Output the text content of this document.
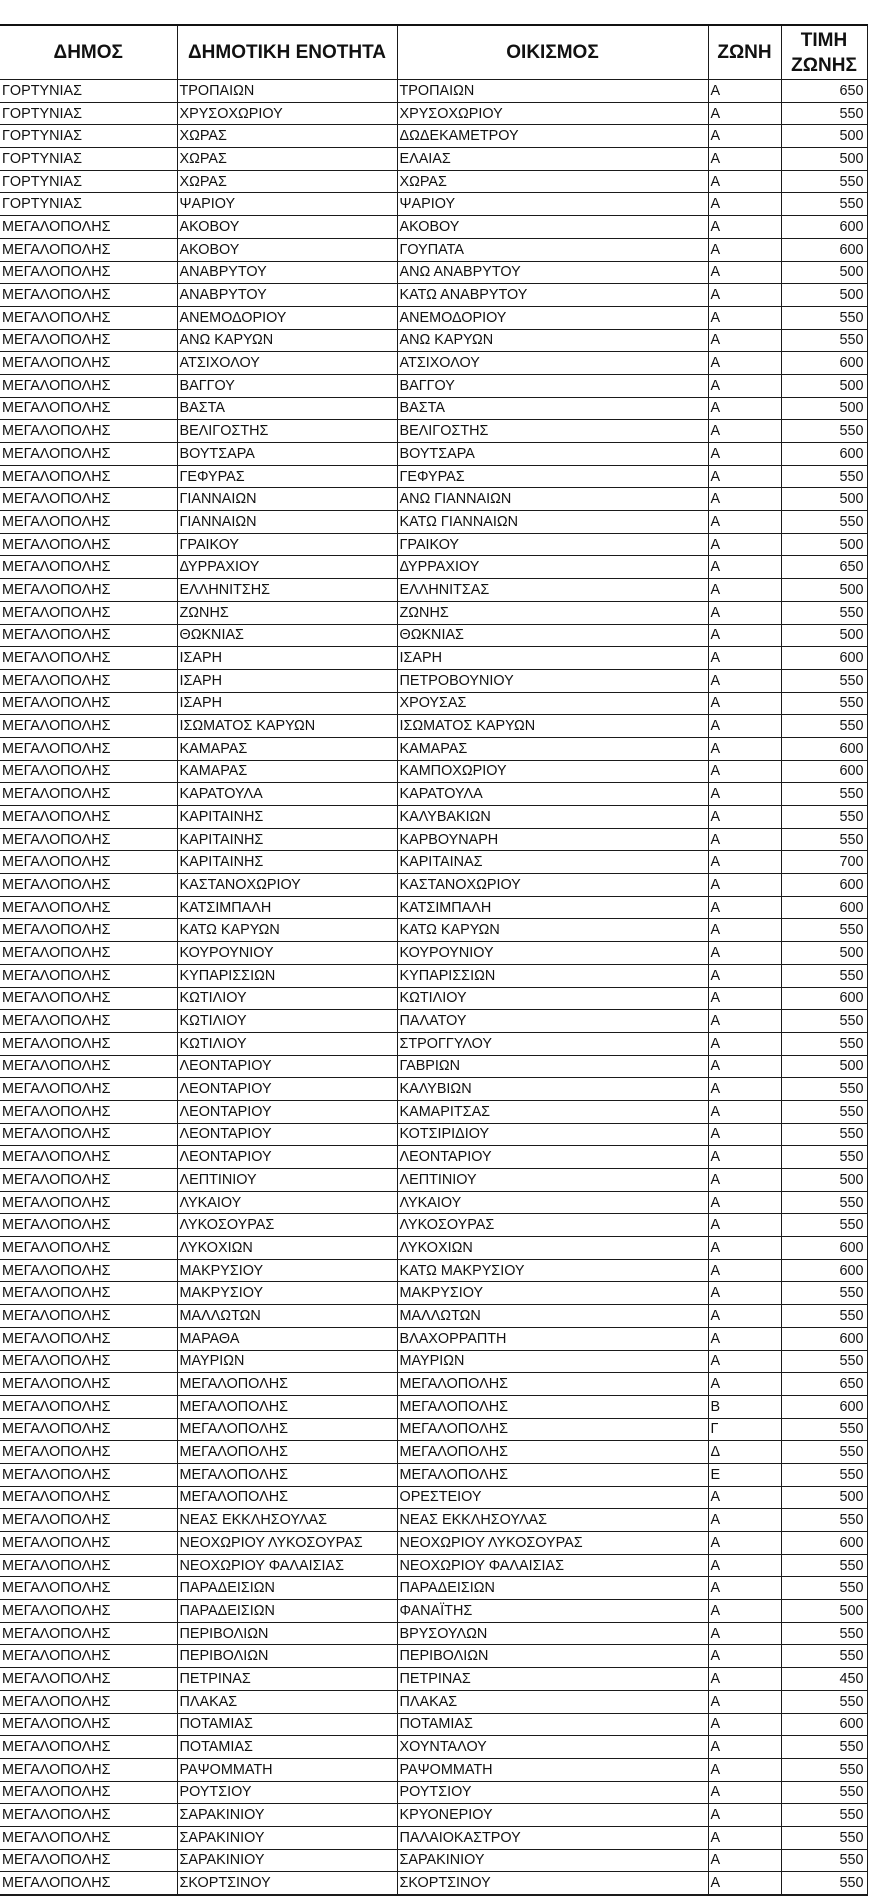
ΔΗΜΟΣ	ΔΗΜΟΤΙΚΗ ΕΝΟΤΗΤΑ	ΟΙΚΙΣΜΟΣ	ΖΩΝΗ	ΤΙΜΗ ΖΩΝΗΣ
ΓΟΡΤΥΝΙΑΣ	ΤΡΟΠΑΙΩΝ	ΤΡΟΠΑΙΩΝ	Α	650
ΓΟΡΤΥΝΙΑΣ	ΧΡΥΣΟΧΩΡΙΟΥ	ΧΡΥΣΟΧΩΡΙΟΥ	Α	550
ΓΟΡΤΥΝΙΑΣ	ΧΩΡΑΣ	ΔΩΔΕΚΑΜΕΤΡΟΥ	Α	500
ΓΟΡΤΥΝΙΑΣ	ΧΩΡΑΣ	ΕΛΑΙΑΣ	Α	500
ΓΟΡΤΥΝΙΑΣ	ΧΩΡΑΣ	ΧΩΡΑΣ	Α	550
ΓΟΡΤΥΝΙΑΣ	ΨΑΡΙΟΥ	ΨΑΡΙΟΥ	Α	550
ΜΕΓΑΛΟΠΟΛΗΣ	ΑΚΟΒΟΥ	ΑΚΟΒΟΥ	Α	600
ΜΕΓΑΛΟΠΟΛΗΣ	ΑΚΟΒΟΥ	ΓΟΥΠΑΤΑ	Α	600
ΜΕΓΑΛΟΠΟΛΗΣ	ΑΝΑΒΡΥΤΟΥ	ΑΝΩ ΑΝΑΒΡΥΤΟΥ	Α	500
ΜΕΓΑΛΟΠΟΛΗΣ	ΑΝΑΒΡΥΤΟΥ	ΚΑΤΩ ΑΝΑΒΡΥΤΟΥ	Α	500
ΜΕΓΑΛΟΠΟΛΗΣ	ΑΝΕΜΟΔΟΡΙΟΥ	ΑΝΕΜΟΔΟΡΙΟΥ	Α	550
ΜΕΓΑΛΟΠΟΛΗΣ	ΑΝΩ ΚΑΡΥΩΝ	ΑΝΩ ΚΑΡΥΩΝ	Α	550
ΜΕΓΑΛΟΠΟΛΗΣ	ΑΤΣΙΧΟΛΟΥ	ΑΤΣΙΧΟΛΟΥ	Α	600
ΜΕΓΑΛΟΠΟΛΗΣ	ΒΑΓΓΟΥ	ΒΑΓΓΟΥ	Α	500
ΜΕΓΑΛΟΠΟΛΗΣ	ΒΑΣΤΑ	ΒΑΣΤΑ	Α	500
ΜΕΓΑΛΟΠΟΛΗΣ	ΒΕΛΙΓΟΣΤΗΣ	ΒΕΛΙΓΟΣΤΗΣ	Α	550
ΜΕΓΑΛΟΠΟΛΗΣ	ΒΟΥΤΣΑΡΑ	ΒΟΥΤΣΑΡΑ	Α	600
ΜΕΓΑΛΟΠΟΛΗΣ	ΓΕΦΥΡΑΣ	ΓΕΦΥΡΑΣ	Α	550
ΜΕΓΑΛΟΠΟΛΗΣ	ΓΙΑΝΝΑΙΩΝ	ΑΝΩ ΓΙΑΝΝΑΙΩΝ	Α	500
ΜΕΓΑΛΟΠΟΛΗΣ	ΓΙΑΝΝΑΙΩΝ	ΚΑΤΩ ΓΙΑΝΝΑΙΩΝ	Α	550
ΜΕΓΑΛΟΠΟΛΗΣ	ΓΡΑΙΚΟΥ	ΓΡΑΙΚΟΥ	Α	500
ΜΕΓΑΛΟΠΟΛΗΣ	ΔΥΡΡΑΧΙΟΥ	ΔΥΡΡΑΧΙΟΥ	Α	650
ΜΕΓΑΛΟΠΟΛΗΣ	ΕΛΛΗΝΙΤΣΗΣ	ΕΛΛΗΝΙΤΣΑΣ	Α	500
ΜΕΓΑΛΟΠΟΛΗΣ	ΖΩΝΗΣ	ΖΩΝΗΣ	Α	550
ΜΕΓΑΛΟΠΟΛΗΣ	ΘΩΚΝΙΑΣ	ΘΩΚΝΙΑΣ	Α	500
ΜΕΓΑΛΟΠΟΛΗΣ	ΙΣΑΡΗ	ΙΣΑΡΗ	Α	600
ΜΕΓΑΛΟΠΟΛΗΣ	ΙΣΑΡΗ	ΠΕΤΡΟΒΟΥΝΙΟΥ	Α	550
ΜΕΓΑΛΟΠΟΛΗΣ	ΙΣΑΡΗ	ΧΡΟΥΣΑΣ	Α	550
ΜΕΓΑΛΟΠΟΛΗΣ	ΙΣΩΜΑΤΟΣ ΚΑΡΥΩΝ	ΙΣΩΜΑΤΟΣ ΚΑΡΥΩΝ	Α	550
ΜΕΓΑΛΟΠΟΛΗΣ	ΚΑΜΑΡΑΣ	ΚΑΜΑΡΑΣ	Α	600
ΜΕΓΑΛΟΠΟΛΗΣ	ΚΑΜΑΡΑΣ	ΚΑΜΠΟΧΩΡΙΟΥ	Α	600
ΜΕΓΑΛΟΠΟΛΗΣ	ΚΑΡΑΤΟΥΛΑ	ΚΑΡΑΤΟΥΛΑ	Α	550
ΜΕΓΑΛΟΠΟΛΗΣ	ΚΑΡΙΤΑΙΝΗΣ	ΚΑΛΥΒΑΚΙΩΝ	Α	550
ΜΕΓΑΛΟΠΟΛΗΣ	ΚΑΡΙΤΑΙΝΗΣ	ΚΑΡΒΟΥΝΑΡΗ	Α	550
ΜΕΓΑΛΟΠΟΛΗΣ	ΚΑΡΙΤΑΙΝΗΣ	ΚΑΡΙΤΑΙΝΑΣ	Α	700
ΜΕΓΑΛΟΠΟΛΗΣ	ΚΑΣΤΑΝΟΧΩΡΙΟΥ	ΚΑΣΤΑΝΟΧΩΡΙΟΥ	Α	600
ΜΕΓΑΛΟΠΟΛΗΣ	ΚΑΤΣΙΜΠΑΛΗ	ΚΑΤΣΙΜΠΑΛΗ	Α	600
ΜΕΓΑΛΟΠΟΛΗΣ	ΚΑΤΩ ΚΑΡΥΩΝ	ΚΑΤΩ ΚΑΡΥΩΝ	Α	550
ΜΕΓΑΛΟΠΟΛΗΣ	ΚΟΥΡΟΥΝΙΟΥ	ΚΟΥΡΟΥΝΙΟΥ	Α	500
ΜΕΓΑΛΟΠΟΛΗΣ	ΚΥΠΑΡΙΣΣΙΩΝ	ΚΥΠΑΡΙΣΣΙΩΝ	Α	550
ΜΕΓΑΛΟΠΟΛΗΣ	ΚΩΤΙΛΙΟΥ	ΚΩΤΙΛΙΟΥ	Α	600
ΜΕΓΑΛΟΠΟΛΗΣ	ΚΩΤΙΛΙΟΥ	ΠΑΛΑΤΟΥ	Α	550
ΜΕΓΑΛΟΠΟΛΗΣ	ΚΩΤΙΛΙΟΥ	ΣΤΡΟΓΓΥΛΟΥ	Α	550
ΜΕΓΑΛΟΠΟΛΗΣ	ΛΕΟΝΤΑΡΙΟΥ	ΓΑΒΡΙΩΝ	Α	500
ΜΕΓΑΛΟΠΟΛΗΣ	ΛΕΟΝΤΑΡΙΟΥ	ΚΑΛΥΒΙΩΝ	Α	550
ΜΕΓΑΛΟΠΟΛΗΣ	ΛΕΟΝΤΑΡΙΟΥ	ΚΑΜΑΡΙΤΣΑΣ	Α	550
ΜΕΓΑΛΟΠΟΛΗΣ	ΛΕΟΝΤΑΡΙΟΥ	ΚΟΤΣΙΡΙΔΙΟΥ	Α	550
ΜΕΓΑΛΟΠΟΛΗΣ	ΛΕΟΝΤΑΡΙΟΥ	ΛΕΟΝΤΑΡΙΟΥ	Α	550
ΜΕΓΑΛΟΠΟΛΗΣ	ΛΕΠΤΙΝΙΟΥ	ΛΕΠΤΙΝΙΟΥ	Α	500
ΜΕΓΑΛΟΠΟΛΗΣ	ΛΥΚΑΙΟΥ	ΛΥΚΑΙΟΥ	Α	550
ΜΕΓΑΛΟΠΟΛΗΣ	ΛΥΚΟΣΟΥΡΑΣ	ΛΥΚΟΣΟΥΡΑΣ	Α	550
ΜΕΓΑΛΟΠΟΛΗΣ	ΛΥΚΟΧΙΩΝ	ΛΥΚΟΧΙΩΝ	Α	600
ΜΕΓΑΛΟΠΟΛΗΣ	ΜΑΚΡΥΣΙΟΥ	ΚΑΤΩ ΜΑΚΡΥΣΙΟΥ	Α	600
ΜΕΓΑΛΟΠΟΛΗΣ	ΜΑΚΡΥΣΙΟΥ	ΜΑΚΡΥΣΙΟΥ	Α	550
ΜΕΓΑΛΟΠΟΛΗΣ	ΜΑΛΛΩΤΩΝ	ΜΑΛΛΩΤΩΝ	Α	550
ΜΕΓΑΛΟΠΟΛΗΣ	ΜΑΡΑΘΑ	ΒΛΑΧΟΡΡΑΠΤΗ	Α	600
ΜΕΓΑΛΟΠΟΛΗΣ	ΜΑΥΡΙΩΝ	ΜΑΥΡΙΩΝ	Α	550
ΜΕΓΑΛΟΠΟΛΗΣ	ΜΕΓΑΛΟΠΟΛΗΣ	ΜΕΓΑΛΟΠΟΛΗΣ	Α	650
ΜΕΓΑΛΟΠΟΛΗΣ	ΜΕΓΑΛΟΠΟΛΗΣ	ΜΕΓΑΛΟΠΟΛΗΣ	Β	600
ΜΕΓΑΛΟΠΟΛΗΣ	ΜΕΓΑΛΟΠΟΛΗΣ	ΜΕΓΑΛΟΠΟΛΗΣ	Γ	550
ΜΕΓΑΛΟΠΟΛΗΣ	ΜΕΓΑΛΟΠΟΛΗΣ	ΜΕΓΑΛΟΠΟΛΗΣ	Δ	550
ΜΕΓΑΛΟΠΟΛΗΣ	ΜΕΓΑΛΟΠΟΛΗΣ	ΜΕΓΑΛΟΠΟΛΗΣ	Ε	550
ΜΕΓΑΛΟΠΟΛΗΣ	ΜΕΓΑΛΟΠΟΛΗΣ	ΟΡΕΣΤΕΙΟΥ	Α	500
ΜΕΓΑΛΟΠΟΛΗΣ	ΝΕΑΣ ΕΚΚΛΗΣΟΥΛΑΣ	ΝΕΑΣ ΕΚΚΛΗΣΟΥΛΑΣ	Α	550
ΜΕΓΑΛΟΠΟΛΗΣ	ΝΕΟΧΩΡΙΟΥ ΛΥΚΟΣΟΥΡΑΣ	ΝΕΟΧΩΡΙΟΥ ΛΥΚΟΣΟΥΡΑΣ	Α	600
ΜΕΓΑΛΟΠΟΛΗΣ	ΝΕΟΧΩΡΙΟΥ ΦΑΛΑΙΣΙΑΣ	ΝΕΟΧΩΡΙΟΥ ΦΑΛΑΙΣΙΑΣ	Α	550
ΜΕΓΑΛΟΠΟΛΗΣ	ΠΑΡΑΔΕΙΣΙΩΝ	ΠΑΡΑΔΕΙΣΙΩΝ	Α	550
ΜΕΓΑΛΟΠΟΛΗΣ	ΠΑΡΑΔΕΙΣΙΩΝ	ΦΑΝΑΪΤΗΣ	Α	500
ΜΕΓΑΛΟΠΟΛΗΣ	ΠΕΡΙΒΟΛΙΩΝ	ΒΡΥΣΟΥΛΩΝ	Α	550
ΜΕΓΑΛΟΠΟΛΗΣ	ΠΕΡΙΒΟΛΙΩΝ	ΠΕΡΙΒΟΛΙΩΝ	Α	550
ΜΕΓΑΛΟΠΟΛΗΣ	ΠΕΤΡΙΝΑΣ	ΠΕΤΡΙΝΑΣ	Α	450
ΜΕΓΑΛΟΠΟΛΗΣ	ΠΛΑΚΑΣ	ΠΛΑΚΑΣ	Α	550
ΜΕΓΑΛΟΠΟΛΗΣ	ΠΟΤΑΜΙΑΣ	ΠΟΤΑΜΙΑΣ	Α	600
ΜΕΓΑΛΟΠΟΛΗΣ	ΠΟΤΑΜΙΑΣ	ΧΟΥΝΤΑΛΟΥ	Α	550
ΜΕΓΑΛΟΠΟΛΗΣ	ΡΑΨΟΜΜΑΤΗ	ΡΑΨΟΜΜΑΤΗ	Α	550
ΜΕΓΑΛΟΠΟΛΗΣ	ΡΟΥΤΣΙΟΥ	ΡΟΥΤΣΙΟΥ	Α	550
ΜΕΓΑΛΟΠΟΛΗΣ	ΣΑΡΑΚΙΝΙΟΥ	ΚΡΥΟΝΕΡΙΟΥ	Α	550
ΜΕΓΑΛΟΠΟΛΗΣ	ΣΑΡΑΚΙΝΙΟΥ	ΠΑΛΑΙΟΚΑΣΤΡΟΥ	Α	550
ΜΕΓΑΛΟΠΟΛΗΣ	ΣΑΡΑΚΙΝΙΟΥ	ΣΑΡΑΚΙΝΙΟΥ	Α	550
ΜΕΓΑΛΟΠΟΛΗΣ	ΣΚΟΡΤΣΙΝΟΥ	ΣΚΟΡΤΣΙΝΟΥ	Α	550
